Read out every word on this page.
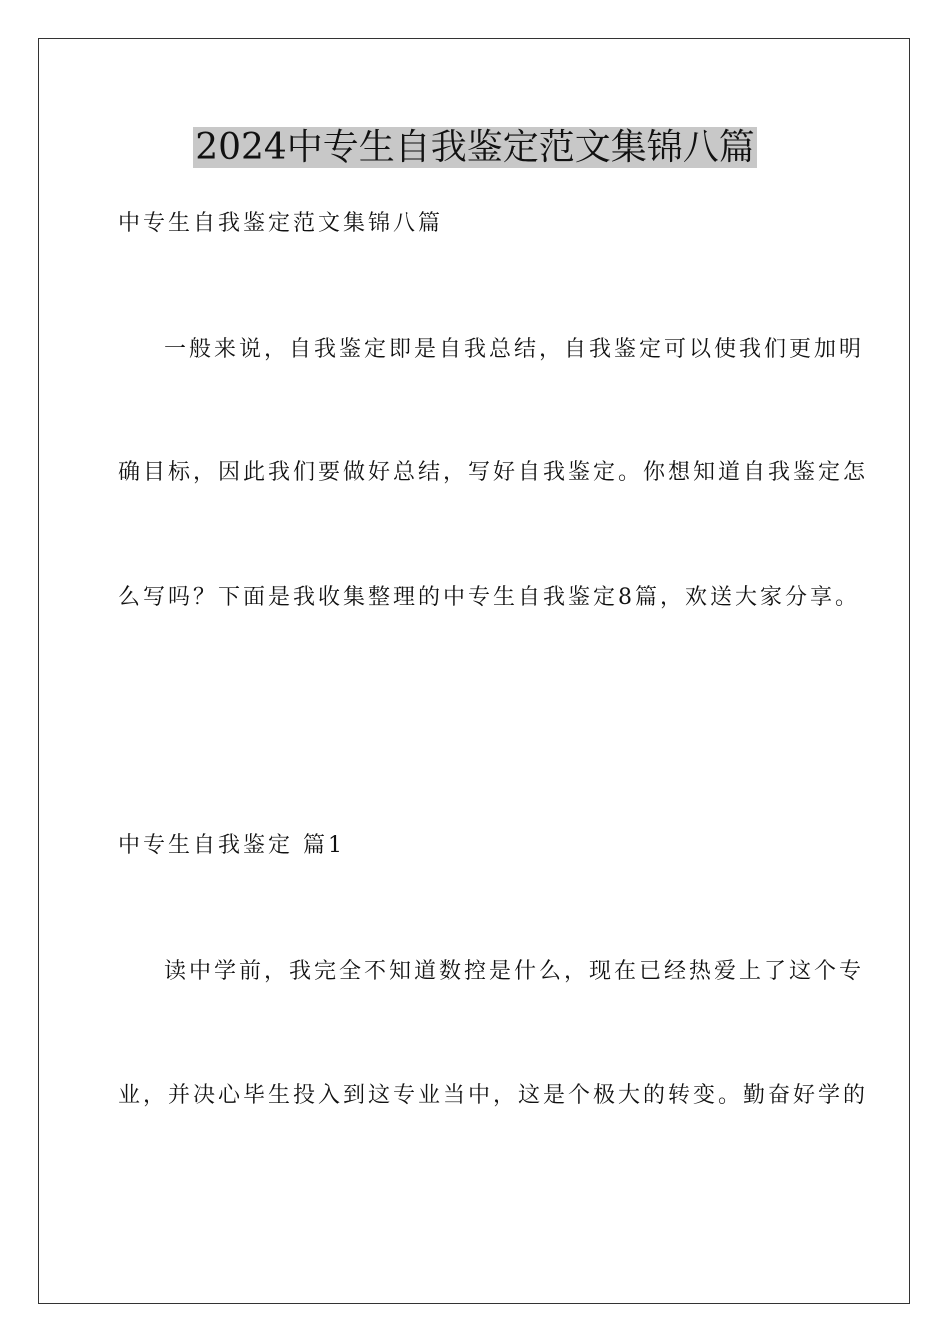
2024中专生自我鉴定范文集锦八篇
中专生自我鉴定范文集锦八篇
一般来说，自我鉴定即是自我总结，自我鉴定可以使我们更加明
确目标，因此我们要做好总结，写好自我鉴定。你想知道自我鉴定怎
么写吗？下面是我收集整理的中专生自我鉴定8篇，欢送大家分享。
中专生自我鉴定 篇1
读中学前，我完全不知道数控是什么，现在已经热爱上了这个专
业，并决心毕生投入到这专业当中，这是个极大的转变。勤奋好学的
